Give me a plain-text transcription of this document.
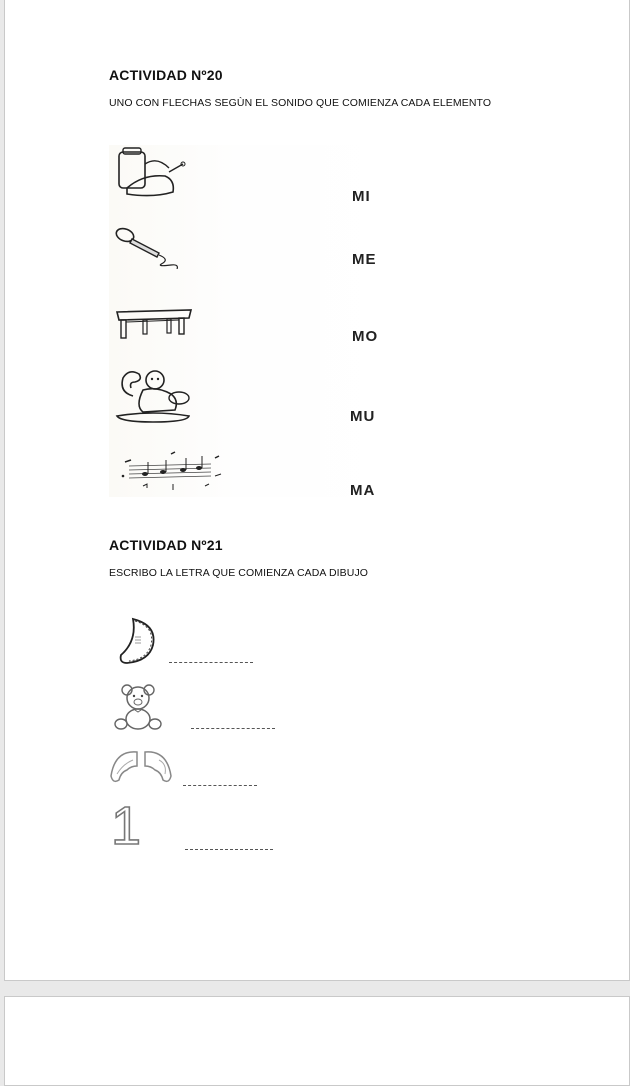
ACTIVIDAD Nº20
UNO CON FLECHAS SEGÙN EL SONIDO QUE COMIENZA CADA ELEMENTO
MI
ME
MO
MU
MA
ACTIVIDAD Nº21
ESCRIBO LA LETRA QUE COMIENZA CADA DIBUJO
1
